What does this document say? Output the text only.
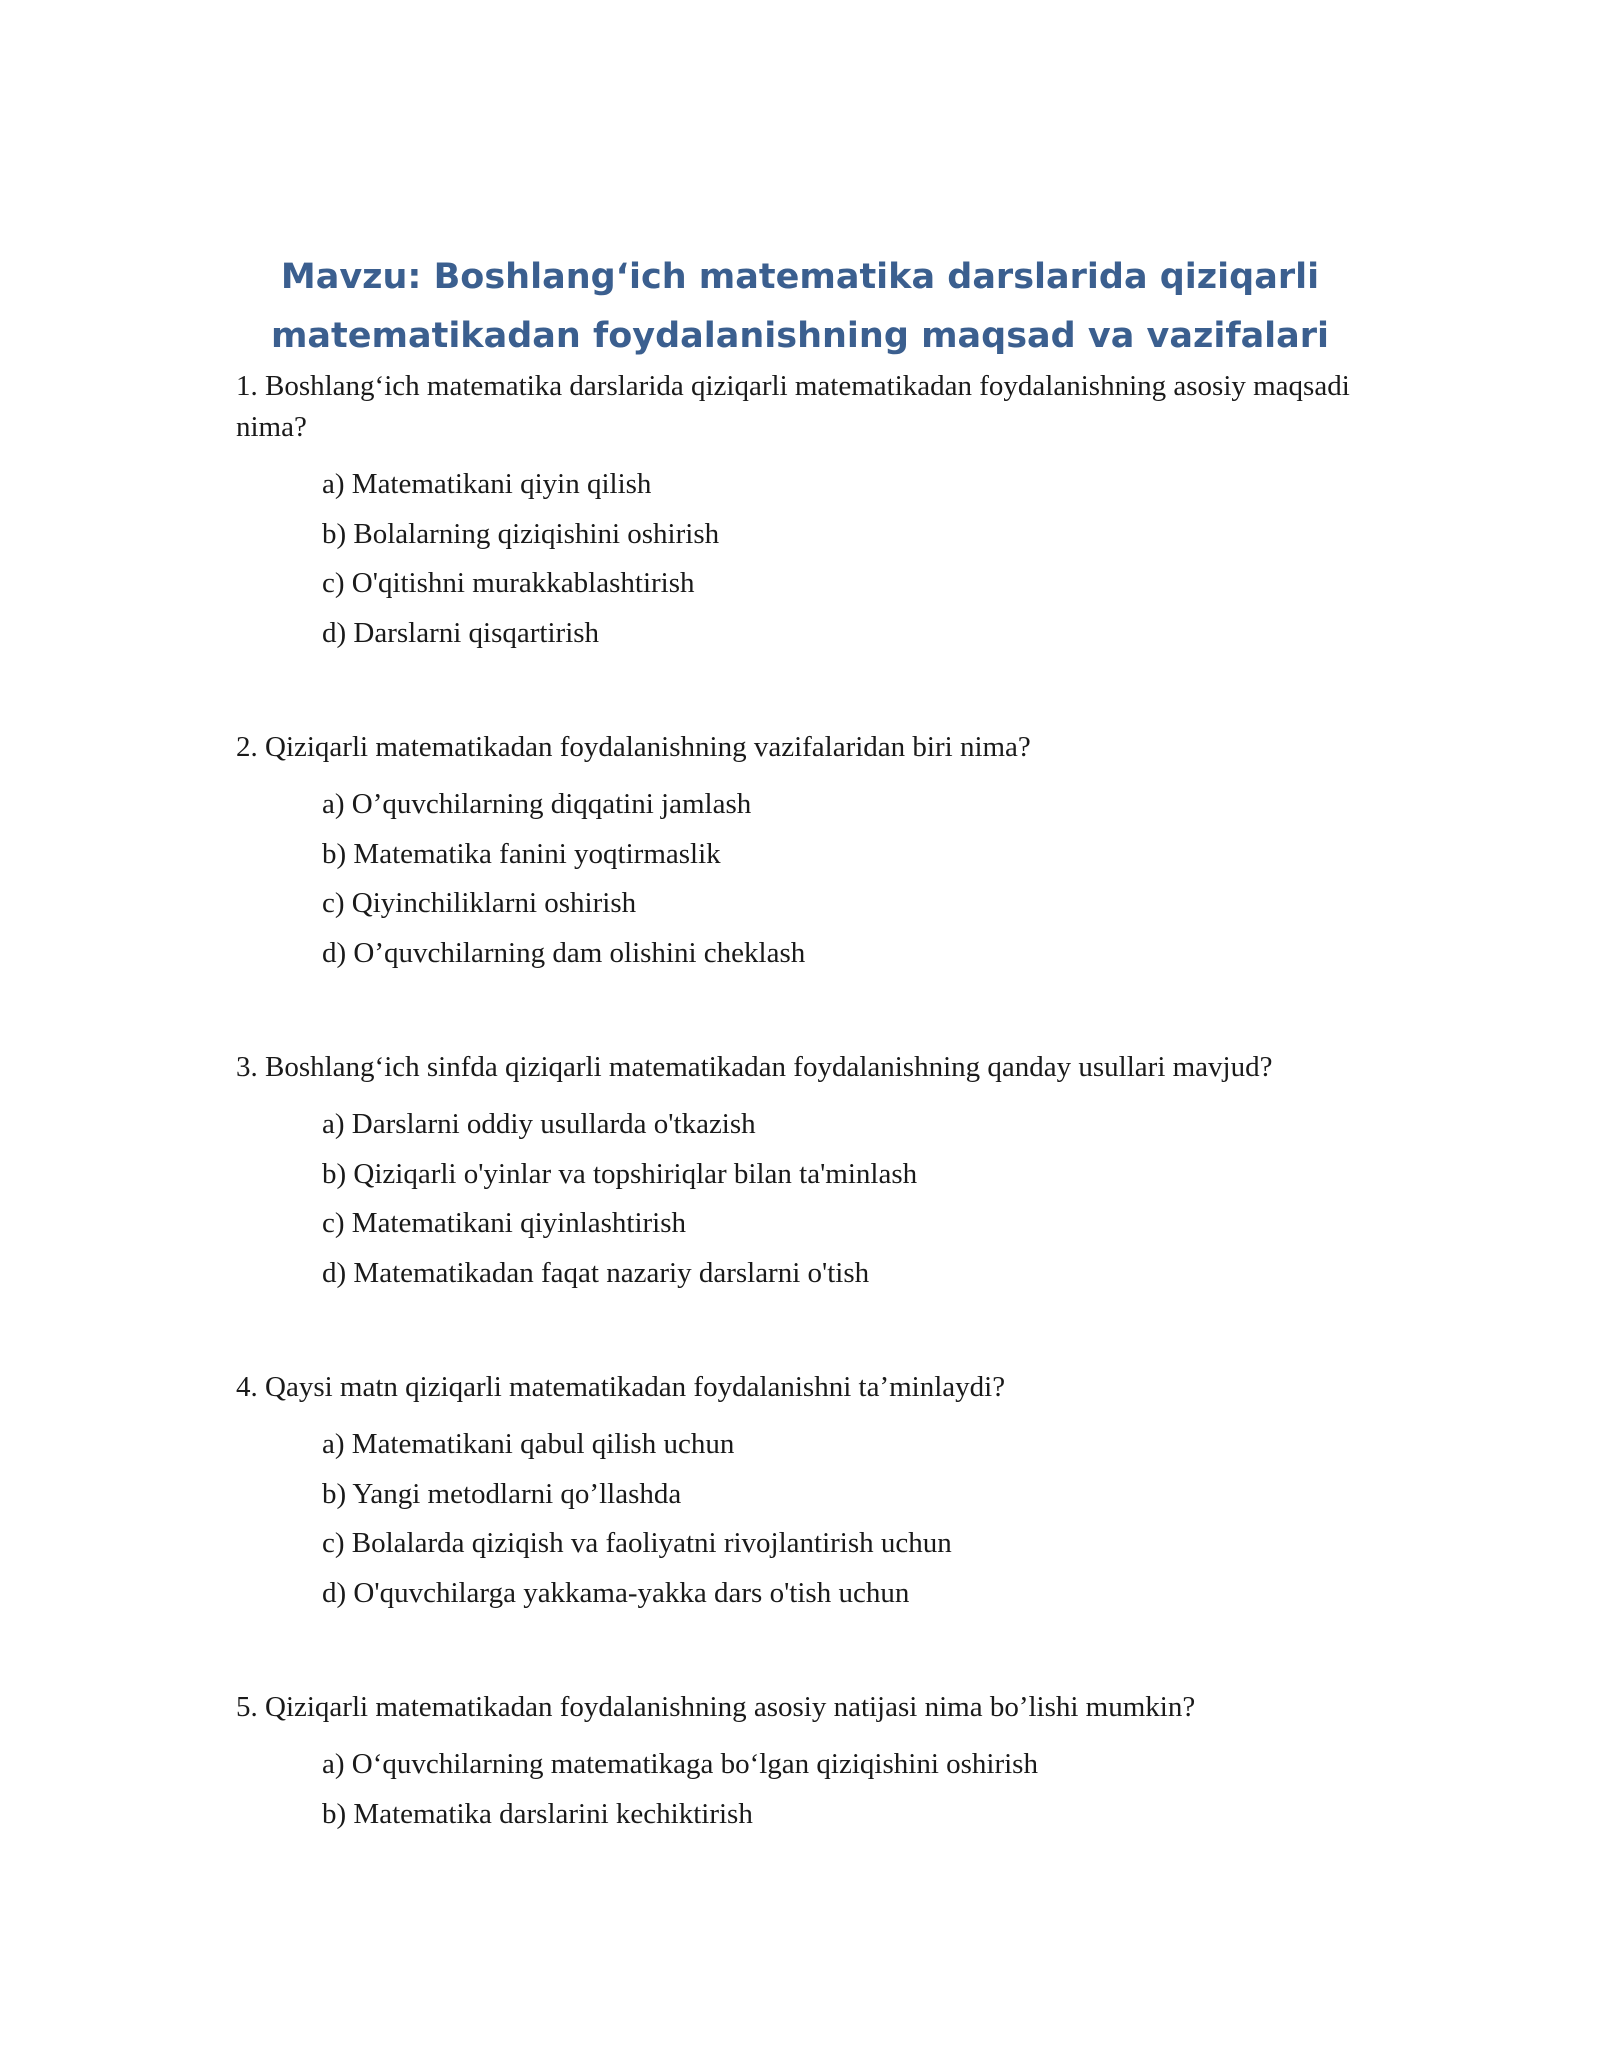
Mavzu: Boshlang‘ich matematika darslarida qiziqarli
matematikadan foydalanishning maqsad va vazifalari

1. Boshlang‘ich matematika darslarida qiziqarli matematikadan foydalanishning asosiy maqsadi nima?

a) Matematikani qiyin qilish
b) Bolalarning qiziqishini oshirish
c) O'qitishni murakkablashtirish
d) Darslarni qisqartirish

2. Qiziqarli matematikadan foydalanishning vazifalaridan biri nima?

a) O’quvchilarning diqqatini jamlash
b) Matematika fanini yoqtirmaslik
c) Qiyinchiliklarni oshirish
d) O’quvchilarning dam olishini cheklash

3. Boshlang‘ich sinfda qiziqarli matematikadan foydalanishning qanday usullari mavjud?

a) Darslarni oddiy usullarda o'tkazish
b) Qiziqarli o'yinlar va topshiriqlar bilan ta'minlash
c) Matematikani qiyinlashtirish
d) Matematikadan faqat nazariy darslarni o'tish

4. Qaysi matn qiziqarli matematikadan foydalanishni ta’minlaydi?

a) Matematikani qabul qilish uchun
b) Yangi metodlarni qo’llashda
c) Bolalarda qiziqish va faoliyatni rivojlantirish uchun
d) O'quvchilarga yakkama-yakka dars o'tish uchun

5. Qiziqarli matematikadan foydalanishning asosiy natijasi nima bo’lishi mumkin?

a) O‘quvchilarning matematikaga bo‘lgan qiziqishini oshirish
b) Matematika darslarini kechiktirish
